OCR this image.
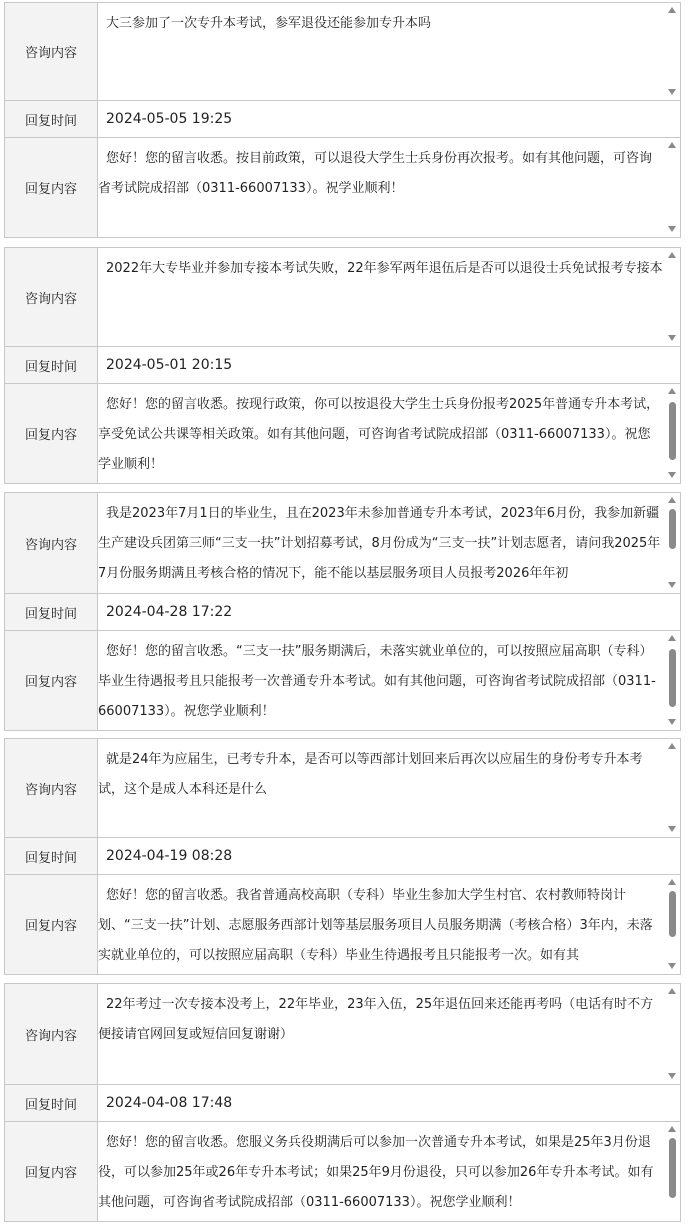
咨询内容
大三参加了一次专升本考试，参军退役还能参加专升本吗
回复时间	2024-05-05 19:25
回复内容
您好！您的留言收悉。按目前政策，可以退役大学生士兵身份再次报考。如有其他问题，可咨询省考试院成招部（0311-66007133）。祝学业顺利！
咨询内容
2022年大专毕业并参加专接本考试失败，22年参军两年退伍后是否可以退役士兵免试报考专接本
回复时间	2024-05-01 20:15
回复内容
您好！您的留言收悉。按现行政策，你可以按退役大学生士兵身份报考2025年普通专升本考试，享受免试公共课等相关政策。如有其他问题，可咨询省考试院成招部（0311-66007133）。祝您学业顺利！
咨询内容
我是2023年7月1日的毕业生，且在2023年未参加普通专升本考试，2023年6月份，我参加新疆生产建设兵团第三师“三支一扶”计划招募考试，8月份成为“三支一扶”计划志愿者，请问我2025年7月份服务期满且考核合格的情况下，能不能以基层服务项目人员报考2026年年初
回复时间	2024-04-28 17:22
回复内容
您好！您的留言收悉。“三支一扶”服务期满后，未落实就业单位的，可以按照应届高职（专科）毕业生待遇报考且只能报考一次普通专升本考试。如有其他问题，可咨询省考试院成招部（0311-66007133）。祝您学业顺利！
咨询内容
就是24年为应届生，已考专升本，是否可以等西部计划回来后再次以应届生的身份考专升本考试，这个是成人本科还是什么
回复时间	2024-04-19 08:28
回复内容
您好！您的留言收悉。我省普通高校高职（专科）毕业生参加大学生村官、农村教师特岗计划、“三支一扶”计划、志愿服务西部计划等基层服务项目人员服务期满（考核合格）3年内，未落实就业单位的，可以按照应届高职（专科）毕业生待遇报考且只能报考一次。如有其
咨询内容
22年考过一次专接本没考上，22年毕业，23年入伍，25年退伍回来还能再考吗（电话有时不方便接请官网回复或短信回复谢谢）
回复时间	2024-04-08 17:48
回复内容
您好！您的留言收悉。您服义务兵役期满后可以参加一次普通专升本考试，如果是25年3月份退役，可以参加25年或26年专升本考试；如果25年9月份退役，只可以参加26年专升本考试。如有其他问题，可咨询省考试院成招部（0311-66007133）。祝您学业顺利！
